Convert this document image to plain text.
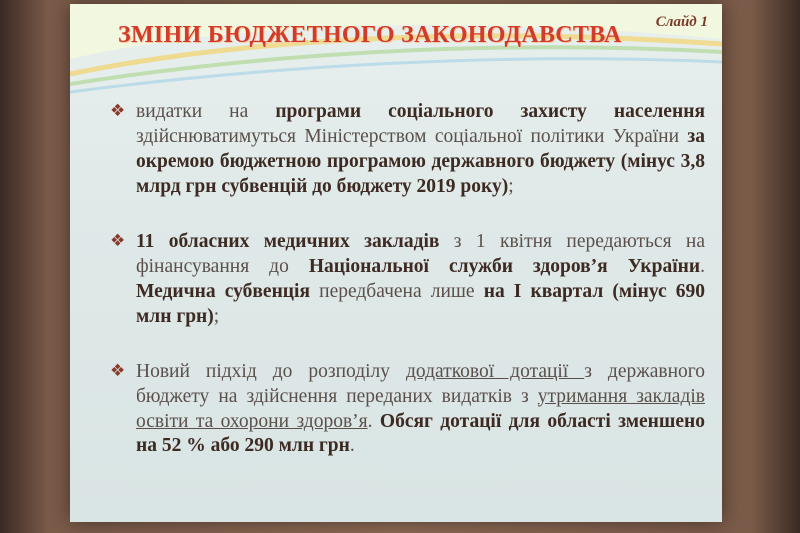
Слайд 1
ЗМІНИ БЮДЖЕТНОГО ЗАКОНОДАВСТВА
❖ видатки на програми соціального захисту населення здійснюватимуться Міністерством соціальної політики України за окремою бюджетною програмою державного бюджету (мінус 3,8 млрд грн субвенцій до бюджету 2019 року);
❖ 11 обласних медичних закладів з 1 квітня передаються на фінансування до Національної служби здоров’я України. Медична субвенція передбачена лише на I квартал (мінус 690 млн грн);
❖ Новий підхід до розподілу додаткової дотації з державного бюджету на здійснення переданих видатків з утримання закладів освіти та охорони здоров’я. Обсяг дотації для області зменшено на 52 % або 290 млн грн.
